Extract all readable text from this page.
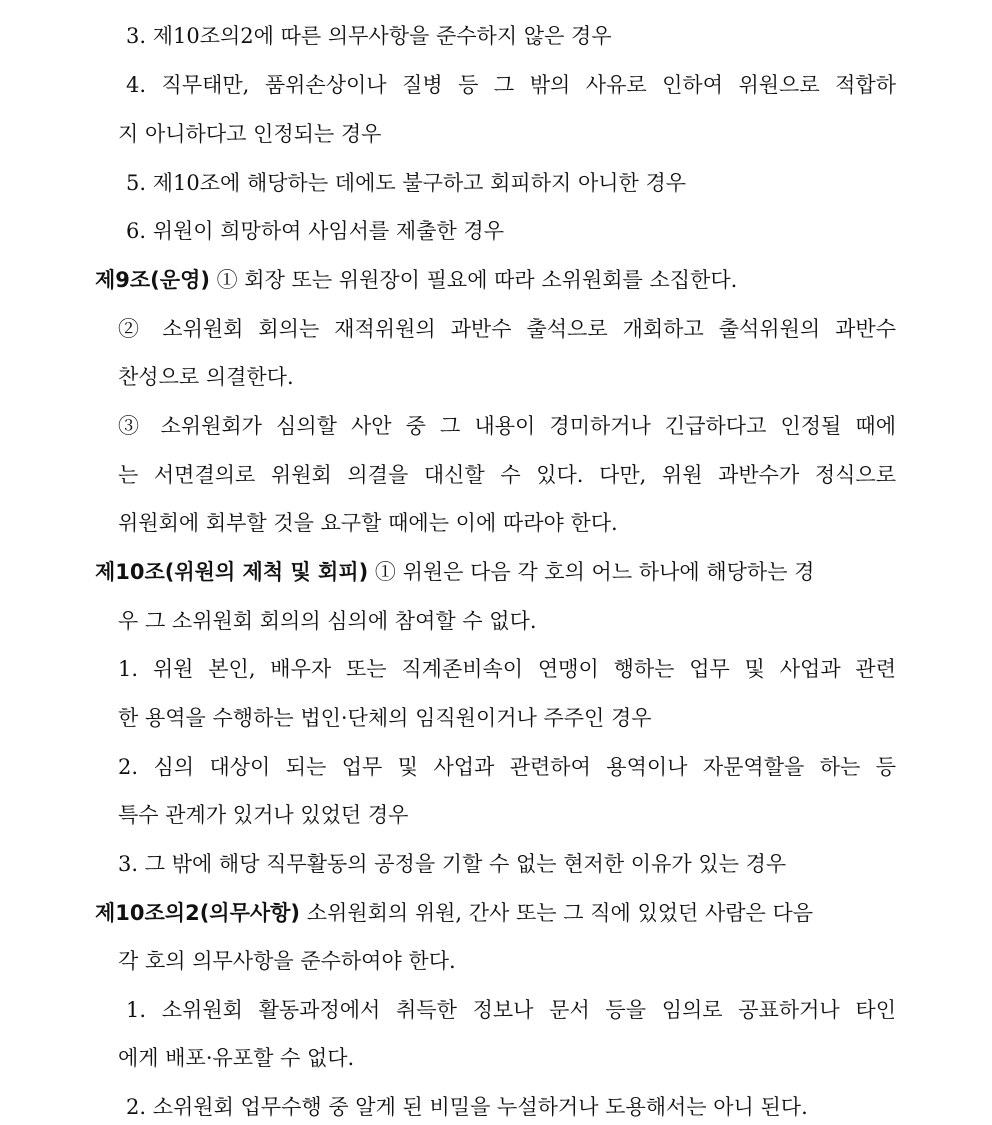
3. 제10조의2에 따른 의무사항을 준수하지 않은 경우
4. 직무태만, 품위손상이나 질병 등 그 밖의 사유로 인하여 위원으로 적합하
지 아니하다고 인정되는 경우
5. 제10조에 해당하는 데에도 불구하고 회피하지 아니한 경우
6. 위원이 희망하여 사임서를 제출한 경우
제9조(운영) ① 회장 또는 위원장이 필요에 따라 소위원회를 소집한다.
② 소위원회 회의는 재적위원의 과반수 출석으로 개회하고 출석위원의 과반수
찬성으로 의결한다.
③ 소위원회가 심의할 사안 중 그 내용이 경미하거나 긴급하다고 인정될 때에
는 서면결의로 위원회 의결을 대신할 수 있다. 다만, 위원 과반수가 정식으로
위원회에 회부할 것을 요구할 때에는 이에 따라야 한다.
제10조(위원의 제척 및 회피) ① 위원은 다음 각 호의 어느 하나에 해당하는 경
우 그 소위원회 회의의 심의에 참여할 수 없다.
1. 위원 본인, 배우자 또는 직계존비속이 연맹이 행하는 업무 및 사업과 관련
한 용역을 수행하는 법인·단체의 임직원이거나 주주인 경우
2. 심의 대상이 되는 업무 및 사업과 관련하여 용역이나 자문역할을 하는 등
특수 관계가 있거나 있었던 경우
3. 그 밖에 해당 직무활동의 공정을 기할 수 없는 현저한 이유가 있는 경우
제10조의2(의무사항) 소위원회의 위원, 간사 또는 그 직에 있었던 사람은 다음
각 호의 의무사항을 준수하여야 한다.
1. 소위원회 활동과정에서 취득한 정보나 문서 등을 임의로 공표하거나 타인
에게 배포·유포할 수 없다.
2. 소위원회 업무수행 중 알게 된 비밀을 누설하거나 도용해서는 아니 된다.
